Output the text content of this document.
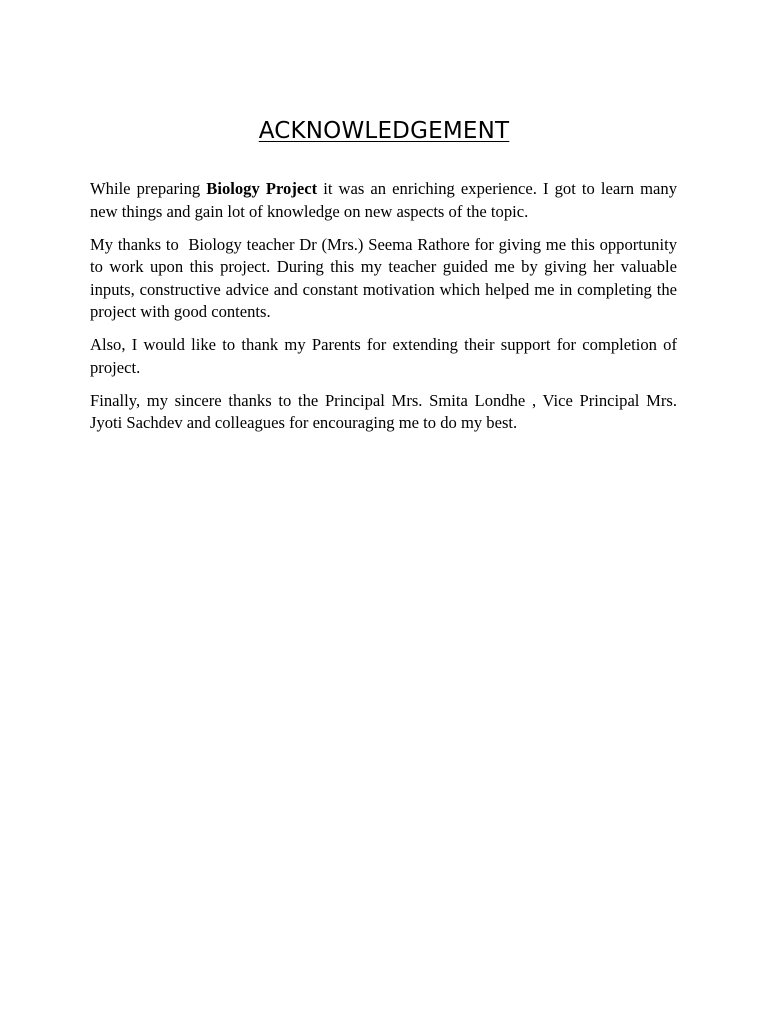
ACKNOWLEDGEMENT

While preparing Biology Project it was an enriching experience. I got to learn many new things and gain lot of knowledge on new aspects of the topic.

My thanks to  Biology teacher Dr (Mrs.) Seema Rathore for giving me this opportunity to work upon this project. During this my teacher guided me by giving her valuable inputs, constructive advice and constant motivation which helped me in completing the project with good contents.

Also, I would like to thank my Parents for extending their support for completion of project.

Finally, my sincere thanks to the Principal Mrs. Smita Londhe , Vice Principal Mrs. Jyoti Sachdev and colleagues for encouraging me to do my best.
